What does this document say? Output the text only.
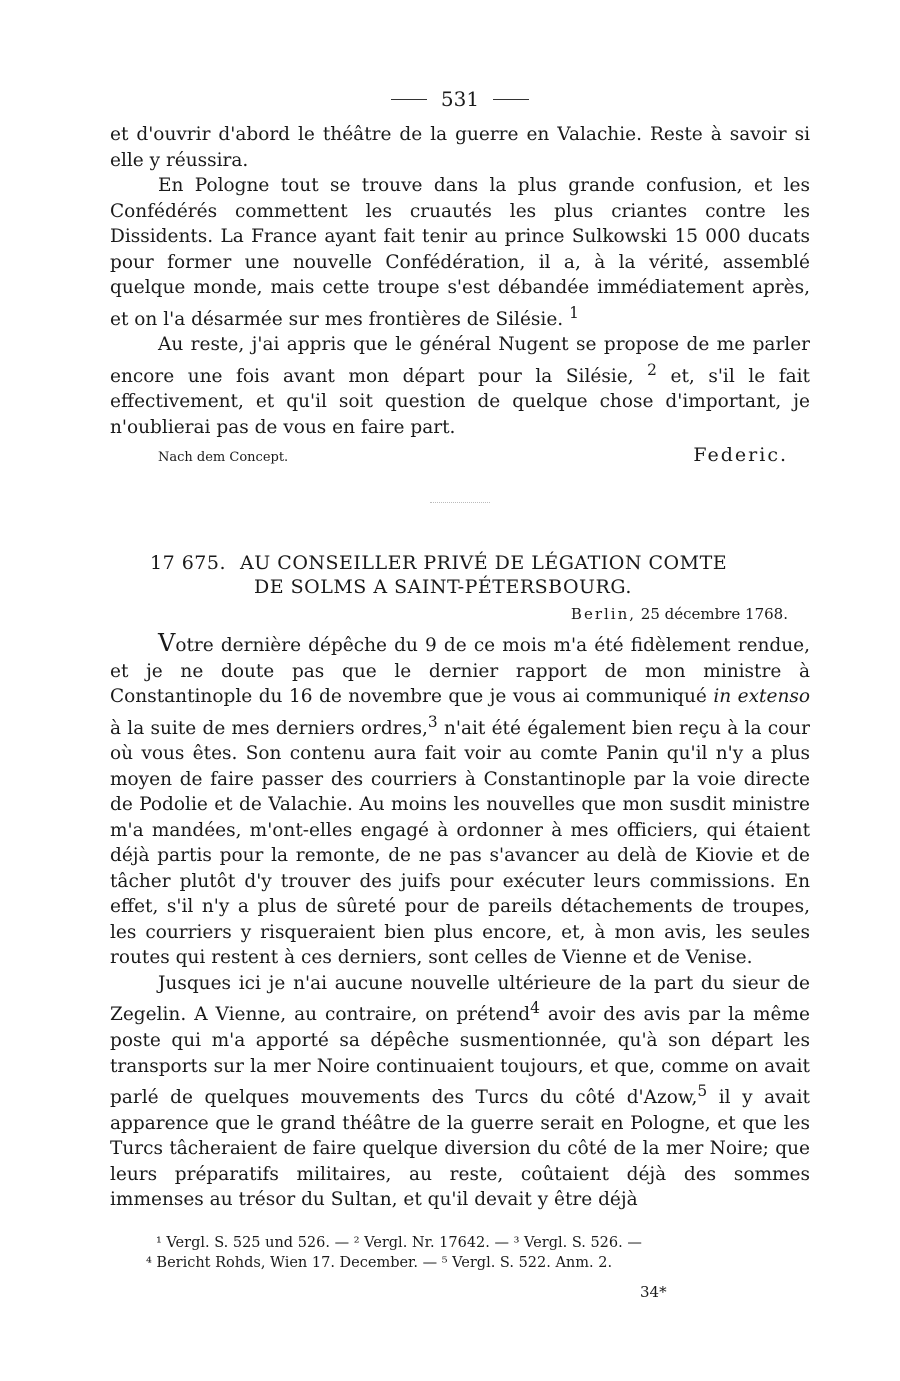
531

et d'ouvrir d'abord le théâtre de la guerre en Valachie. Reste à savoir si elle y réussira.

En Pologne tout se trouve dans la plus grande confusion, et les Confédérés commettent les cruautés les plus criantes contre les Dissidents. La France ayant fait tenir au prince Sulkowski 15 000 ducats pour former une nouvelle Confédération, il a, à la vérité, assemblé quelque monde, mais cette troupe s'est débandée immédiatement après, et on l'a désarmée sur mes frontières de Silésie. $^1$

Au reste, j'ai appris que le général Nugent se propose de me parler encore une fois avant mon départ pour la Silésie, $^2$ et, s'il le fait effectivement, et qu'il soit question de quelque chose d'important, je n'oublierai pas de vous en faire part.

Nach dem Concept.	Federic.
17 675. AU CONSEILLER PRIVÉ DE LÉGATION COMTE
DE SOLMS A SAINT-PÉTERSBOURG.
Berlin, 25 décembre 1768.

Votre dernière dépêche du 9 de ce mois m'a été fidèlement rendue, et je ne doute pas que le dernier rapport de mon ministre à Constantinople du 16 de novembre que je vous ai communiqué in extenso à la suite de mes derniers ordres,$^3$ n'ait été également bien reçu à la cour où vous êtes. Son contenu aura fait voir au comte Panin qu'il n'y a plus moyen de faire passer des courriers à Constantinople par la voie directe de Podolie et de Valachie. Au moins les nouvelles que mon susdit ministre m'a mandées, m'ont-elles engagé à ordonner à mes officiers, qui étaient déjà partis pour la remonte, de ne pas s'avancer au delà de Kiovie et de tâcher plutôt d'y trouver des juifs pour exécuter leurs commissions. En effet, s'il n'y a plus de sûreté pour de pareils détachements de troupes, les courriers y risqueraient bien plus encore, et, à mon avis, les seules routes qui restent à ces derniers, sont celles de Vienne et de Venise.

Jusques ici je n'ai aucune nouvelle ultérieure de la part du sieur de Zegelin. A Vienne, au contraire, on prétend$^4$ avoir des avis par la même poste qui m'a apporté sa dépêche susmentionnée, qu'à son départ les transports sur la mer Noire continuaient toujours, et que, comme on avait parlé de quelques mouvements des Turcs du côté d'Azow,$^5$ il y avait apparence que le grand théâtre de la guerre serait en Pologne, et que les Turcs tâcheraient de faire quelque diversion du côté de la mer Noire; que leurs préparatifs militaires, au reste, coûtaient déjà des sommes immenses au trésor du Sultan, et qu'il devait y être déjà

¹ Vergl. S. 525 und 526. — ² Vergl. Nr. 17642. — ³ Vergl. S. 526. —
⁴ Bericht Rohds, Wien 17. December. — ⁵ Vergl. S. 522. Anm. 2.
34*
